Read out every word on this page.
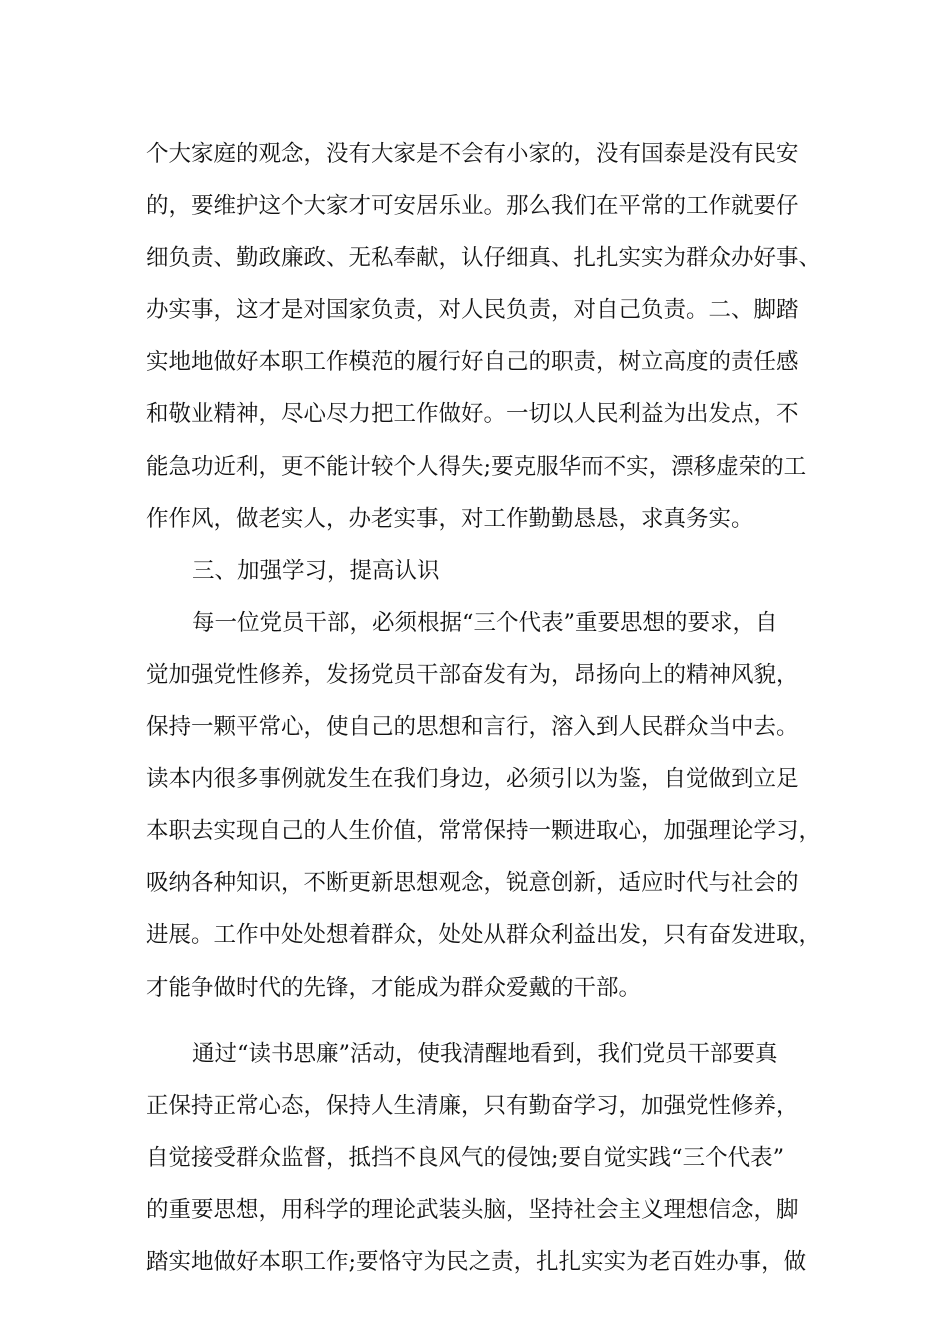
个大家庭的观念，没有大家是不会有小家的，没有国泰是没有民安
的，要维护这个大家才可安居乐业。那么我们在平常的工作就要仔
细负责、勤政廉政、无私奉献，认仔细真、扎扎实实为群众办好事、
办实事，这才是对国家负责，对人民负责，对自己负责。二、脚踏
实地地做好本职工作模范的履行好自己的职责，树立高度的责任感
和敬业精神，尽心尽力把工作做好。一切以人民利益为出发点，不
能急功近利，更不能计较个人得失;要克服华而不实，漂移虚荣的工
作作风，做老实人，办老实事，对工作勤勤恳恳，求真务实。
三、加强学习，提高认识
每一位党员干部，必须根据“三个代表”重要思想的要求，自
觉加强党性修养，发扬党员干部奋发有为，昂扬向上的精神风貌，
保持一颗平常心，使自己的思想和言行，溶入到人民群众当中去。
读本内很多事例就发生在我们身边，必须引以为鉴，自觉做到立足
本职去实现自己的人生价值，常常保持一颗进取心，加强理论学习，
吸纳各种知识，不断更新思想观念，锐意创新，适应时代与社会的
进展。工作中处处想着群众，处处从群众利益出发，只有奋发进取，
才能争做时代的先锋，才能成为群众爱戴的干部。
通过“读书思廉”活动，使我清醒地看到，我们党员干部要真
正保持正常心态，保持人生清廉，只有勤奋学习，加强党性修养，
自觉接受群众监督，抵挡不良风气的侵蚀;要自觉实践“三个代表”
的重要思想，用科学的理论武装头脑，坚持社会主义理想信念，脚
踏实地做好本职工作;要恪守为民之责，扎扎实实为老百姓办事，做
